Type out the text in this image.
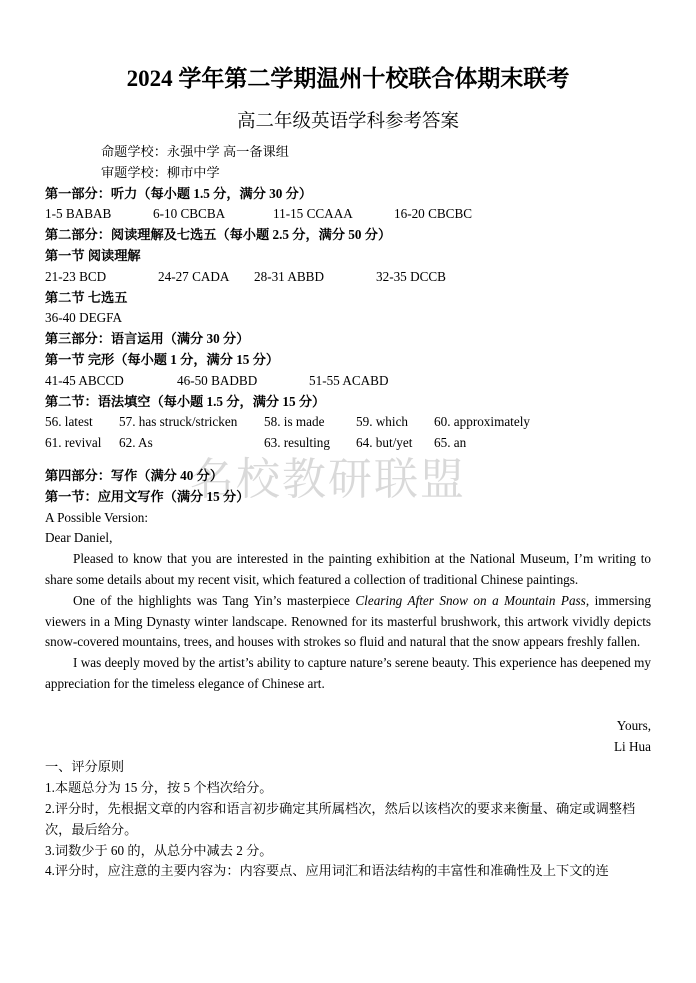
名校教研联盟

2024 学年第二学期温州十校联合体期末联考

高二年级英语学科参考答案

命题学校：永强中学 高一备课组

审题学校：柳市中学

第一部分：听力（每小题 1.5 分，满分 30 分）

1-5 BABAB	6-10 CBCBA	11-15 CCAAA	16-20 CBCBC

第二部分：阅读理解及七选五（每小题 2.5 分，满分 50 分）

第一节 阅读理解

21-23 BCD	24-27 CADA 28-31 ABBD	32-35 DCCB

第二节 七选五

36-40 DEGFA

第三部分：语言运用（满分 30 分）

第一节 完形（每小题 1 分，满分 15 分）

41-45 ABCCD	46-50 BADBD	51-55 ACABD

第二节：语法填空（每小题 1.5 分，满分 15 分）

56. latest 57. has struck/stricken 58. is made 59. which 60. approximately

61. revival 62. As	63. resulting 64. but/yet 65. an

第四部分：写作（满分 40 分）

第一节：应用文写作（满分 15 分）

A Possible Version:

Dear Daniel,

Pleased to know that you are interested in the painting exhibition at the National Museum, I’m writing to share some details about my recent visit, which featured a collection of traditional Chinese paintings.

One of the highlights was Tang Yin’s masterpiece Clearing After Snow on a Mountain Pass, immersing viewers in a Ming Dynasty winter landscape. Renowned for its masterful brushwork, this artwork vividly depicts snow-covered mountains, trees, and houses with strokes so fluid and natural that the snow appears freshly fallen.

I was deeply moved by the artist’s ability to capture nature’s serene beauty. This experience has deepened my appreciation for the timeless elegance of Chinese art.

Yours,

Li Hua

一、评分原则

1.本题总分为 15 分，按 5 个档次给分。

2.评分时，先根据文章的内容和语言初步确定其所属档次，然后以该档次的要求来衡量、确定或调整档次，最后给分。

3.词数少于 60 的，从总分中减去 2 分。

4.评分时，应注意的主要内容为：内容要点、应用词汇和语法结构的丰富性和准确性及上下文的连
